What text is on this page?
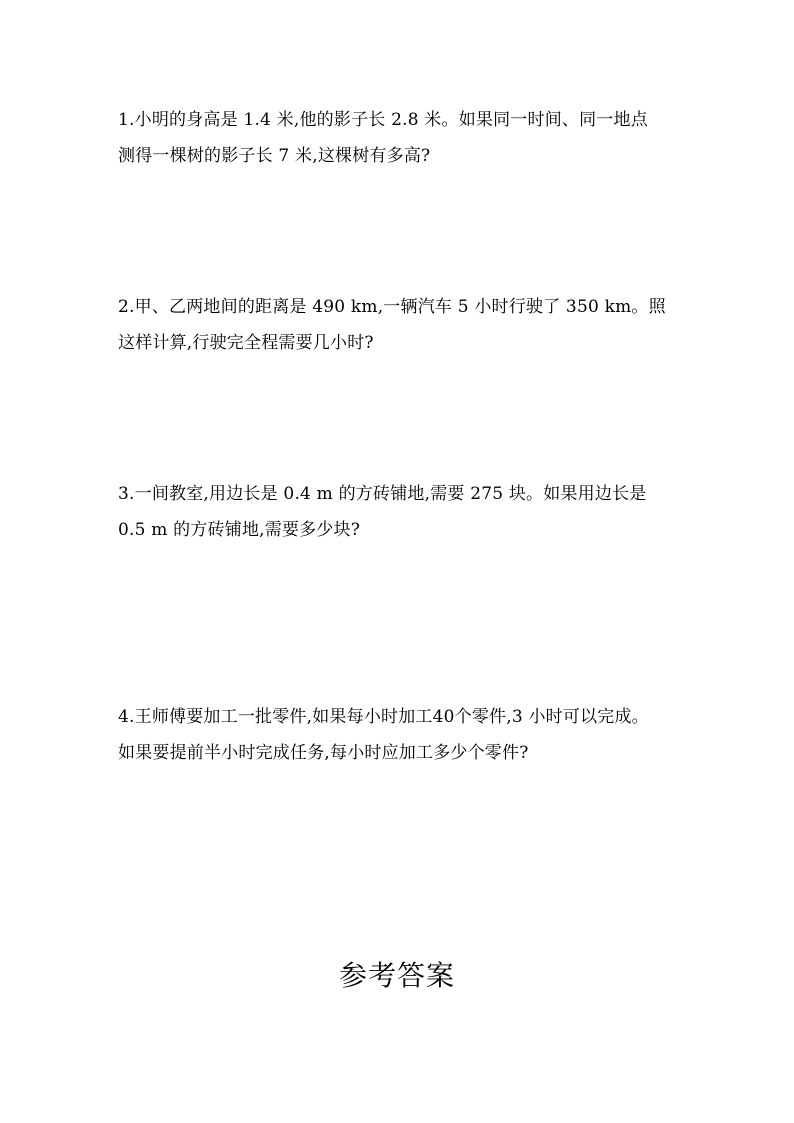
1.小明的身高是 1.4 米,他的影子长 2.8 米。如果同一时间、同一地点
测得一棵树的影子长 7 米,这棵树有多高?
2.甲、乙两地间的距离是 490 km,一辆汽车 5 小时行驶了 350 km。照
这样计算,行驶完全程需要几小时?
3.一间教室,用边长是 0.4 m 的方砖铺地,需要 275 块。如果用边长是
0.5 m 的方砖铺地,需要多少块?
4.王师傅要加工一批零件,如果每小时加工40个零件,3 小时可以完成。
如果要提前半小时完成任务,每小时应加工多少个零件?
参考答案
